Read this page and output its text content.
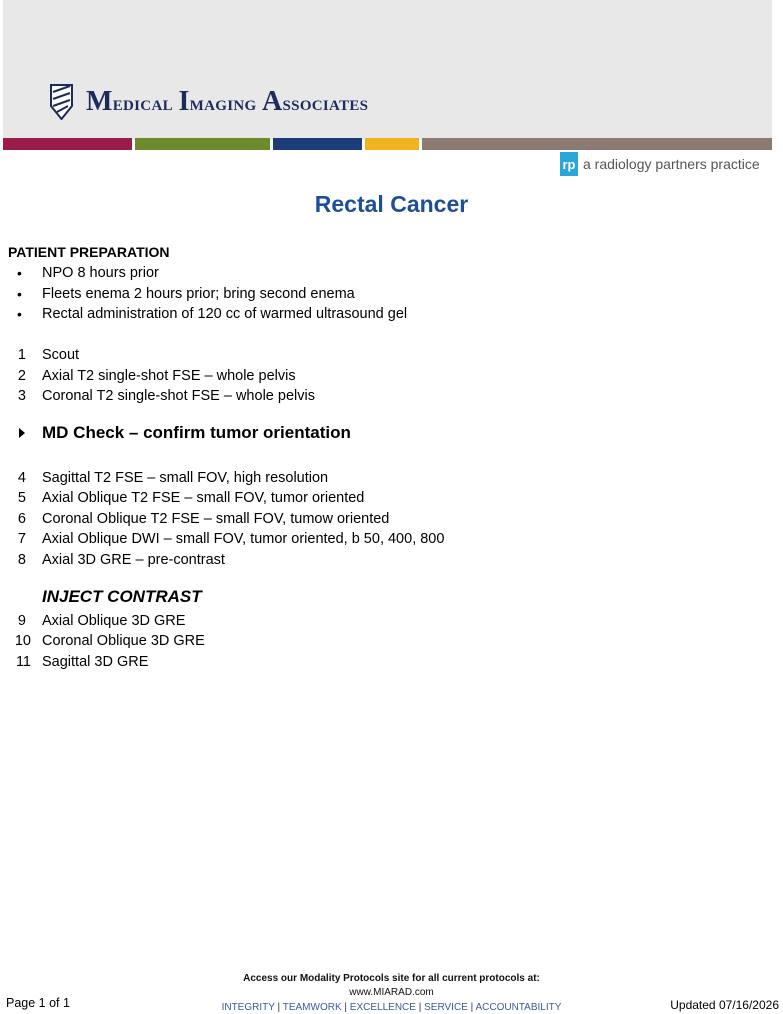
Medical Imaging Associates
rp a radiology partners practice
Rectal Cancer
PATIENT PREPARATION
• NPO 8 hours prior
• Fleets enema 2 hours prior; bring second enema
• Rectal administration of 120 cc of warmed ultrasound gel
1 Scout
2 Axial T2 single-shot FSE – whole pelvis
3 Coronal T2 single-shot FSE – whole pelvis
MD Check – confirm tumor orientation
4 Sagittal T2 FSE – small FOV, high resolution
5 Axial Oblique T2 FSE – small FOV, tumor oriented
6 Coronal Oblique T2 FSE – small FOV, tumow oriented
7 Axial Oblique DWI – small FOV, tumor oriented, b 50, 400, 800
8 Axial 3D GRE – pre-contrast
INJECT CONTRAST
9 Axial Oblique 3D GRE
10 Coronal Oblique 3D GRE
11 Sagittal 3D GRE
Access our Modality Protocols site for all current protocols at:
www.MIARAD.com
INTEGRITY | TEAMWORK | EXCELLENCE | SERVICE | ACCOUNTABILITY
Page 1 of 1	Updated 07/16/2026
